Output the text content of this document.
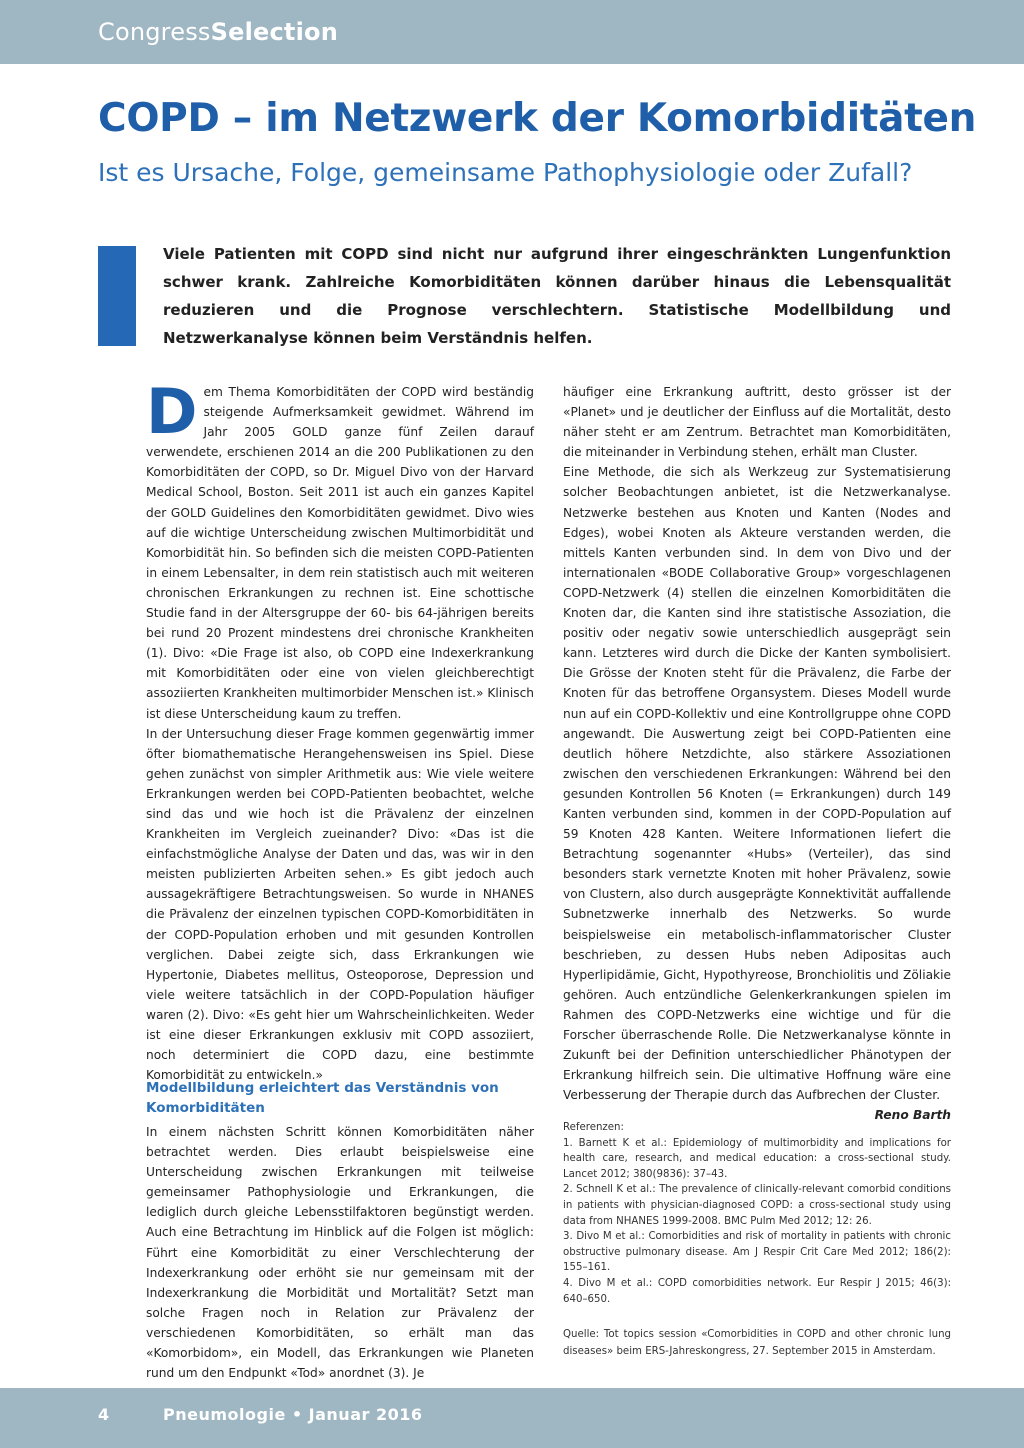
CongressSelection
COPD – im Netzwerk der Komorbiditäten
Ist es Ursache, Folge, gemeinsame Pathophysiologie oder Zufall?

Viele Patienten mit COPD sind nicht nur aufgrund ihrer eingeschränkten Lungenfunktion schwer krank. Zahlreiche Komorbiditäten können darüber hinaus die Lebensqualität reduzieren und die Prognose verschlechtern. Statistische Modellbildung und Netzwerkanalyse können beim Verständnis helfen.

D em Thema Komorbiditäten der COPD wird beständig steigende Aufmerksamkeit gewidmet. Während im Jahr 2005 GOLD ganze fünf Zeilen darauf verwendete, erschienen 2014 an die 200 Publikationen zu den Komorbiditäten der COPD, so Dr. Miguel Divo von der Harvard Medical School, Boston. Seit 2011 ist auch ein ganzes Kapitel der GOLD Guidelines den Komorbiditäten gewidmet. Divo wies auf die wichtige Unterscheidung zwischen Multimorbidität und Komorbidität hin. So befinden sich die meisten COPD-Patienten in einem Lebensalter, in dem rein statistisch auch mit weiteren chronischen Erkrankungen zu rechnen ist. Eine schottische Studie fand in der Altersgruppe der 60- bis 64-jährigen bereits bei rund 20 Prozent mindestens drei chronische Krankheiten (1). Divo: «Die Frage ist also, ob COPD eine Indexerkrankung mit Komorbiditäten oder eine von vielen gleichberechtigt assoziierten Krankheiten multimorbider Menschen ist.» Klinisch ist diese Unterscheidung kaum zu treffen.

In der Untersuchung dieser Frage kommen gegenwärtig immer öfter biomathematische Herangehensweisen ins Spiel. Diese gehen zunächst von simpler Arithmetik aus: Wie viele weitere Erkrankungen werden bei COPD-Patienten beobachtet, welche sind das und wie hoch ist die Prävalenz der einzelnen Krankheiten im Vergleich zueinander? Divo: «Das ist die einfachstmögliche Analyse der Daten und das, was wir in den meisten publizierten Arbeiten sehen.» Es gibt jedoch auch aussagekräftigere Betrachtungsweisen. So wurde in NHANES die Prävalenz der einzelnen typischen COPD-Komorbiditäten in der COPD-Population erhoben und mit gesunden Kontrollen verglichen. Dabei zeigte sich, dass Erkrankungen wie Hypertonie, Diabetes mellitus, Osteoporose, Depression und viele weitere tatsächlich in der COPD-Population häufiger waren (2). Divo: «Es geht hier um Wahrscheinlichkeiten. Weder ist eine dieser Erkrankungen exklusiv mit COPD assoziiert, noch determiniert die COPD dazu, eine bestimmte Komorbidität zu entwickeln.»

Modellbildung erleichtert das Verständnis von Komorbiditäten

In einem nächsten Schritt können Komorbiditäten näher betrachtet werden. Dies erlaubt beispielsweise eine Unterscheidung zwischen Erkrankungen mit teilweise gemeinsamer Pathophysiologie und Erkrankungen, die lediglich durch gleiche Lebensstilfaktoren begünstigt werden. Auch eine Betrachtung im Hinblick auf die Folgen ist möglich: Führt eine Komorbidität zu einer Verschlechterung der Indexerkrankung oder erhöht sie nur gemeinsam mit der Indexerkrankung die Morbidität und Mortalität? Setzt man solche Fragen noch in Relation zur Prävalenz der verschiedenen Komorbiditäten, so erhält man das «Komorbidom», ein Modell, das Erkrankungen wie Planeten rund um den Endpunkt «Tod» anordnet (3). Je

häufiger eine Erkrankung auftritt, desto grösser ist der «Planet» und je deutlicher der Einfluss auf die Mortalität, desto näher steht er am Zentrum. Betrachtet man Komorbiditäten, die miteinander in Verbindung stehen, erhält man Cluster.

Eine Methode, die sich als Werkzeug zur Systematisierung solcher Beobachtungen anbietet, ist die Netzwerkanalyse. Netzwerke bestehen aus Knoten und Kanten (Nodes and Edges), wobei Knoten als Akteure verstanden werden, die mittels Kanten verbunden sind. In dem von Divo und der internationalen «BODE Collaborative Group» vorgeschlagenen COPD-Netzwerk (4) stellen die einzelnen Komorbiditäten die Knoten dar, die Kanten sind ihre statistische Assoziation, die positiv oder negativ sowie unterschiedlich ausgeprägt sein kann. Letzteres wird durch die Dicke der Kanten symbolisiert. Die Grösse der Knoten steht für die Prävalenz, die Farbe der Knoten für das betroffene Organsystem. Dieses Modell wurde nun auf ein COPD-Kollektiv und eine Kontrollgruppe ohne COPD angewandt. Die Auswertung zeigt bei COPD-Patienten eine deutlich höhere Netzdichte, also stärkere Assoziationen zwischen den verschiedenen Erkrankungen: Während bei den gesunden Kontrollen 56 Knoten (= Erkrankungen) durch 149 Kanten verbunden sind, kommen in der COPD-Population auf 59 Knoten 428 Kanten. Weitere Informationen liefert die Betrachtung sogenannter «Hubs» (Verteiler), das sind besonders stark vernetzte Knoten mit hoher Prävalenz, sowie von Clustern, also durch ausgeprägte Konnektivität auffallende Subnetzwerke innerhalb des Netzwerks. So wurde beispielsweise ein metabolisch-inflammatorischer Cluster beschrieben, zu dessen Hubs neben Adipositas auch Hyperlipidämie, Gicht, Hypothyreose, Bronchiolitis und Zöliakie gehören. Auch entzündliche Gelenkerkrankungen spielen im Rahmen des COPD-Netzwerks eine wichtige und für die Forscher überraschende Rolle. Die Netzwerkanalyse könnte in Zukunft bei der Definition unterschiedlicher Phänotypen der Erkrankung hilfreich sein. Die ultimative Hoffnung wäre eine Verbesserung der Therapie durch das Aufbrechen der Cluster.
Reno Barth

Referenzen:

1. Barnett K et al.: Epidemiology of multimorbidity and implications for health care, research, and medical education: a cross-sectional study. Lancet 2012; 380(9836): 37–43.

2. Schnell K et al.: The prevalence of clinically-relevant comorbid conditions in patients with physician-diagnosed COPD: a cross-sectional study using data from NHANES 1999-2008. BMC Pulm Med 2012; 12: 26.

3. Divo M et al.: Comorbidities and risk of mortality in patients with chronic obstructive pulmonary disease. Am J Respir Crit Care Med 2012; 186(2): 155–161.

4. Divo M et al.: COPD comorbidities network. Eur Respir J 2015; 46(3): 640–650.

Quelle: Tot topics session «Comorbidities in COPD and other chronic lung diseases» beim ERS-Jahreskongress, 27. September 2015 in Amsterdam.

4	Pneumologie • Januar 2016
